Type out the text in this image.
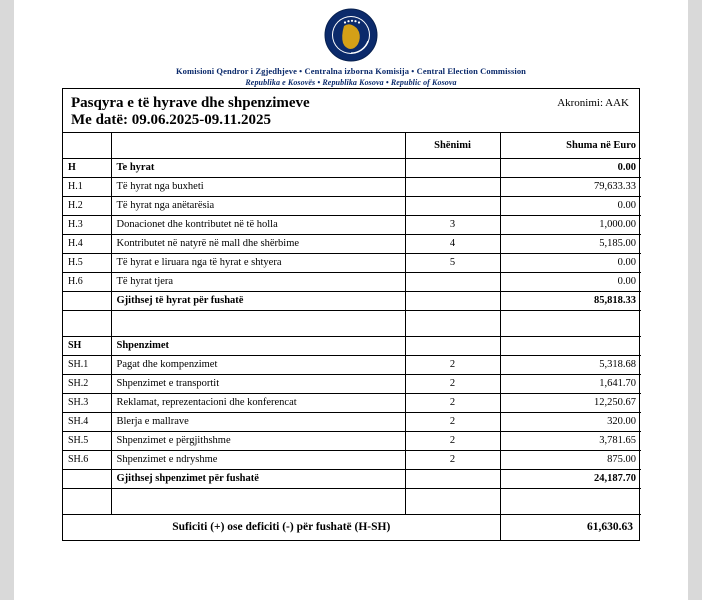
Komisioni Qendror i Zgjedhjeve • Centralna izborna Komisija • Central Election Commission
Republika e Kosovës • Republika Kosova • Republic of Kosova
Pasqyra e të hyrave dhe shpenzimeve
Me datë: 09.06.2025-09.11.2025
Akronimi: AAK
		Shënimi	Shuma në Euro
H	Te hyrat		0.00
H.1	Të hyrat nga buxheti		79,633.33
H.2	Të hyrat nga anëtarësia		0.00
H.3	Donacionet dhe kontributet në të holla	3	1,000.00
H.4	Kontributet në natyrë në mall dhe shërbime	4	5,185.00
H.5	Të hyrat e liruara nga të hyrat e shtyera	5	0.00
H.6	Të hyrat tjera		0.00
	Gjithsej të hyrat për fushatë		85,818.33

SH	Shpenzimet		
SH.1	Pagat dhe kompenzimet	2	5,318.68
SH.2	Shpenzimet e transportit	2	1,641.70
SH.3	Reklamat, reprezentacioni dhe konferencat	2	12,250.67
SH.4	Blerja e mallrave	2	320.00
SH.5	Shpenzimet e përgjithshme	2	3,781.65
SH.6	Shpenzimet e ndryshme	2	875.00
	Gjithsej shpenzimet për fushatë		24,187.70

Suficiti (+) ose deficiti (-) për fushatë (H-SH)			61,630.63
